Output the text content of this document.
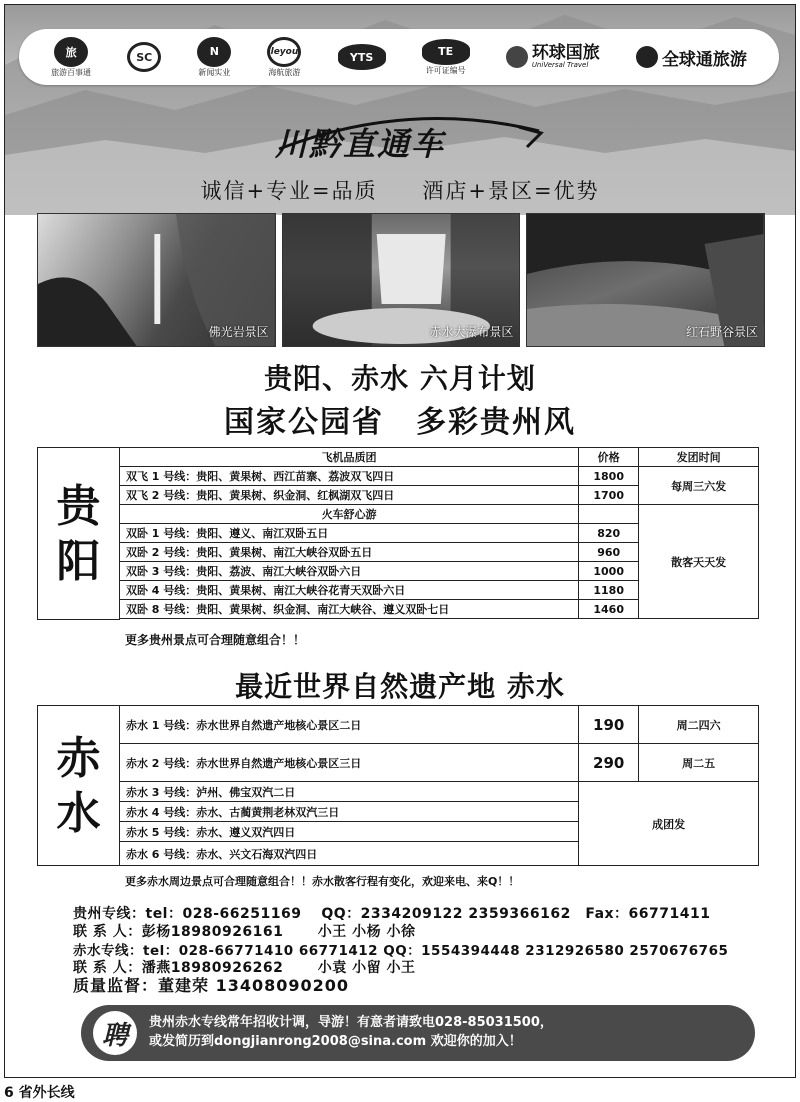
旅
旅游百事通
SC	N
新闻实业
leyou
海航旅游
YTS	TE
许可证编号
环球国旅
UniVersal Travel	全球通旅游
川黔直通车
诚信+专业=品质 酒店+景区=优势
佛光岩景区	赤水大瀑布景区	红石野谷景区
贵阳、赤水 六月计划
国家公园省　多彩贵州风
贵
阳	飞机品质团	价格	发团时间
	双飞 1 号线：贵阳、黄果树、西江苗寨、荔波双飞四日	1800	每周三六发
	双飞 2 号线：贵阳、黄果树、织金洞、红枫湖双飞四日	1700	
	火车舒心游		散客天天发
	双卧 1 号线：贵阳、遵义、南江双卧五日	820	
	双卧 2 号线：贵阳、黄果树、南江大峡谷双卧五日	960	
	双卧 3 号线：贵阳、荔波、南江大峡谷双卧六日	1000	
	双卧 4 号线：贵阳、黄果树、南江大峡谷花青天双卧六日	1180	
	双卧 8 号线：贵阳、黄果树、织金洞、南江大峡谷、遵义双卧七日	1460	

更多贵州景点可合理随意组合！！
最近世界自然遗产地 赤水
赤
水	赤水 1 号线：赤水世界自然遗产地核心景区二日	190	周二四六
	赤水 2 号线：赤水世界自然遗产地核心景区三日	290	周二五
	赤水 3 号线：泸州、佛宝双汽二日	成团发	
	赤水 4 号线：赤水、古蔺黄荆老林双汽三日		
	赤水 5 号线：赤水、遵义双汽四日		
	赤水 6 号线：赤水、兴文石海双汽四日		
更多赤水周边景点可合理随意组合！！赤水散客行程有变化，欢迎来电、来Q！！
贵州专线：tel：028-66251169　 QQ：2334209122 2359366162　Fax：66771411
联 系 人：彭杨18980926161　　 小王 小杨 小徐
赤水专线：tel：028-66771410 66771412 QQ：1554394448 2312926580 2570676765
联 系 人：潘燕18980926262　　 小袁 小留 小王
质量监督：董建荣 13408090200
聘	贵州赤水专线常年招收计调，导游！有意者请致电028-85031500，
或发简历到dongjianrong2008@sina.com 欢迎你的加入！
6 省外长线
